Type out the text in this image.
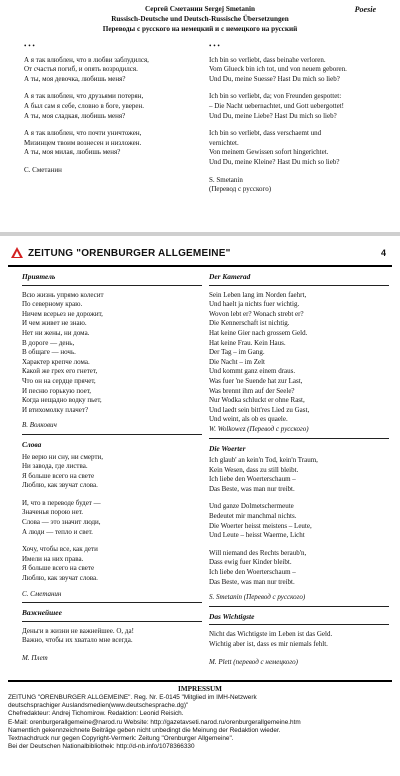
Сергей Сметанин Sergej Smetanin
Russisch-Deutsche und Deutsch-Russische Übersetzungen
Переводы с русского на немецкий и с немецкого на русский
Poesie
• • •
А я так влюблен, что в любви заблудился,
От счастья погиб, и опять возродился.
А ты, моя девочка, любишь меня?
А я так влюблен, что друзьями потерян,
А был сам я себе, словно в боге, уверен.
А ты, моя сладкая, любишь меня?
А я так влюблен, что почти уничтожен,
Мизинцем твоим вознесен и низложен.
А ты, моя милая, любишь меня?
С. Сметанин
• • •
Ich bin so verliebt, dass beinahe verloren.
Vom Glueck bin ich tot, und von neuem geboren.
Und Du, meine Suesse? Hast Du mich so lieb?
Ich bin so verliebt, da; von Freunden gespottet:
– Die Nacht uebernachtet, und Gott uebergottet!
Und Du, meine Liebe? Hast Du mich so lieb?
Ich bin so verliebt, dass verschaemt und
vernichtet.
Von meinem Gewissen sofort hingerichtet.
Und Du, meine Kleine? Hast Du mich so lieb?
S. Smetanin
(Перевод с русского)
ZEITUNG "ORENBURGER ALLGEMEINE"	4
Приятель
Всю жизнь упрямо колесит
По северному краю.
Ничем всерьез не дорожит,
И чем живет не знаю.
Нет ни жены, ни дома.
В дороге — день,
В общаге — ночь.
Характер крепче лома.
Какой же грех его гнетет,
Что он на сердце прячет,
И песню горькую поет,
Когда нещадно водку пьет,
И втихомолку плачет?
В. Волкович
Слова
Не верю ни сну, ни смерти,
Ни завода, где листва.
Я больше всего на свете
Люблю, как звучат слова.
И, что в переводе будет —
Значенья порою нет.
Слова — это значит люди,
А люди — тепло и свет.
Хочу, чтобы все, как дети
Имели на них права.
Я больше всего на свете
Люблю, как звучат слова.
С. Сметанин
Важнейшее
Деньги в жизни не важнейшее. О, да!
Важно, чтобы их хватало мне всегда.
М. Плет
Der Kamerad
Sein Leben lang im Norden faehrt,
Und haelt ja nichts fuer wichtig.
Wovon lebt er? Wonach strebt er?
Die Kennerschaft ist nichtig.
Hat keine Gier nach grossem Geld.
Hat keine Frau. Kein Haus.
Der Tag – im Gang.
Die Nacht – im Zelt
Und kommt ganz einem draus.
Was fuer 'ne Suende hat zur Last,
Was brennt ihm auf der Seele?
Nur Wodka schluckt er ohne Rast,
Und laedt sein bitt'res Lied zu Gast,
Und weint, als ob es quaele.
W. Wolkowez (Перевод с русского)
Die Woerter
Ich glaub' an kein'n Tod, kein'n Traum,
Kein Wesen, dass zu still bleibt.
Ich liebe den Woerterschaum –
Das Beste, was man nur treibt.
Und ganze Dolmetschermeute
Bedeutet mir manchmal nichts.
Die Woerter heisst meistens – Leute,
Und Leute – heisst Waerme, Licht
Will niemand des Rechts beraub'n,
Dass ewig fuer Kinder bleibt.
Ich liebe den Woerterschaum –
Das Beste, was man nur treibt.
S. Smetanin (Перевод с русского)
Das Wichtigste
Nicht das Wichtigste im Leben ist das Geld.
Wichtig aber ist, dass es mir niemals fehlt.
M. Plett (перевод с немецкого)
IMPRESSUM
ZEITUNG "ORENBURGER ALLGEMEINE". Reg. Nr. Е-0145 "Mitglied im IMH-Netzwerk
deutschsprachiger Auslandsmedien(www.deutschesprache.dg)"
Chefredakteur: Andrej Tichomirow. Redaktion: Leonid Reisich.
E-Mail: orenburgerallgemeine@narod.ru Website: http://gazetavseti.narod.ru/orenburgerallgemeine.htm
Namentlich gekennzeichnete Beiträge geben nicht unbedingt die Meinung der Redaktion wieder.
Textnachdruck nur gegen Copyright-Vermerk: Zeitung "Orenburger Allgemeine".
Bei der Deutschen Nationalbibliothek: http://d-nb.info/1078366330
